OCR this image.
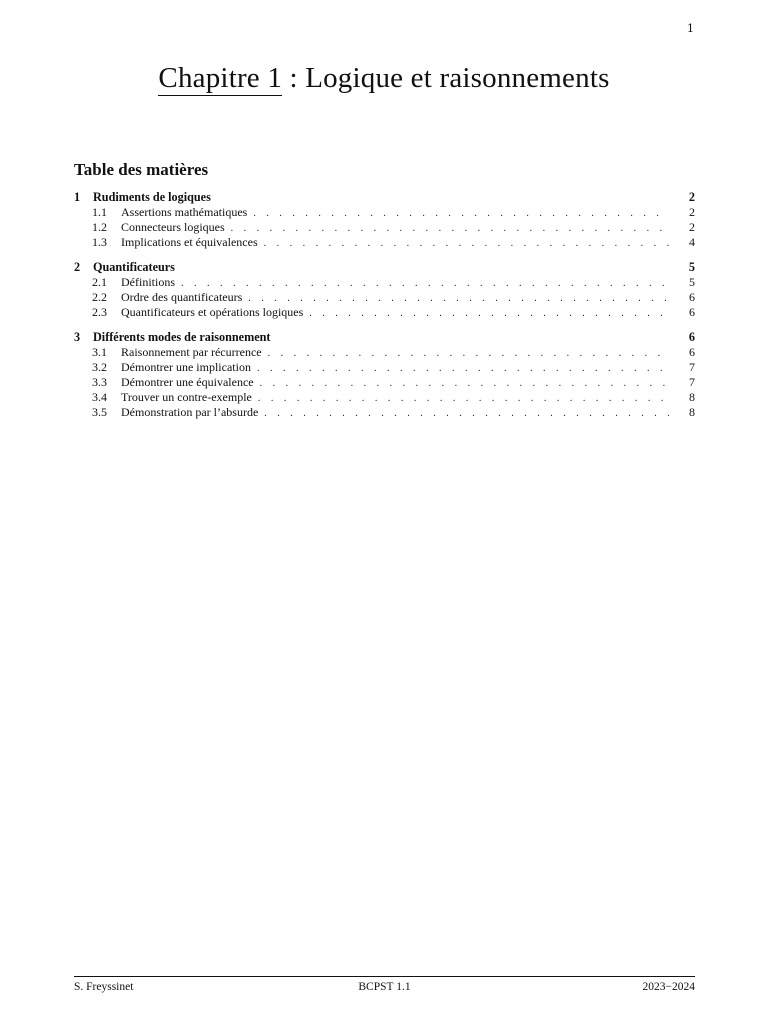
1
Chapitre 1 : Logique et raisonnements
Table des matières
1	Rudiments de logiques	2
1.1	Assertions mathématiques . . .	2
1.2	Connecteurs logiques . . .	2
1.3	Implications et équivalences . . .	4
2	Quantificateurs	5
2.1	Définitions . . .	5
2.2	Ordre des quantificateurs . . .	6
2.3	Quantificateurs et opérations logiques . . .	6
3	Différents modes de raisonnement	6
3.1	Raisonnement par récurrence . . .	6
3.2	Démontrer une implication . . .	7
3.3	Démontrer une équivalence . . .	7
3.4	Trouver un contre-exemple . . .	8
3.5	Démonstration par l’absurde . . .	8
S. Freyssinet	BCPST 1.1	2023−2024
